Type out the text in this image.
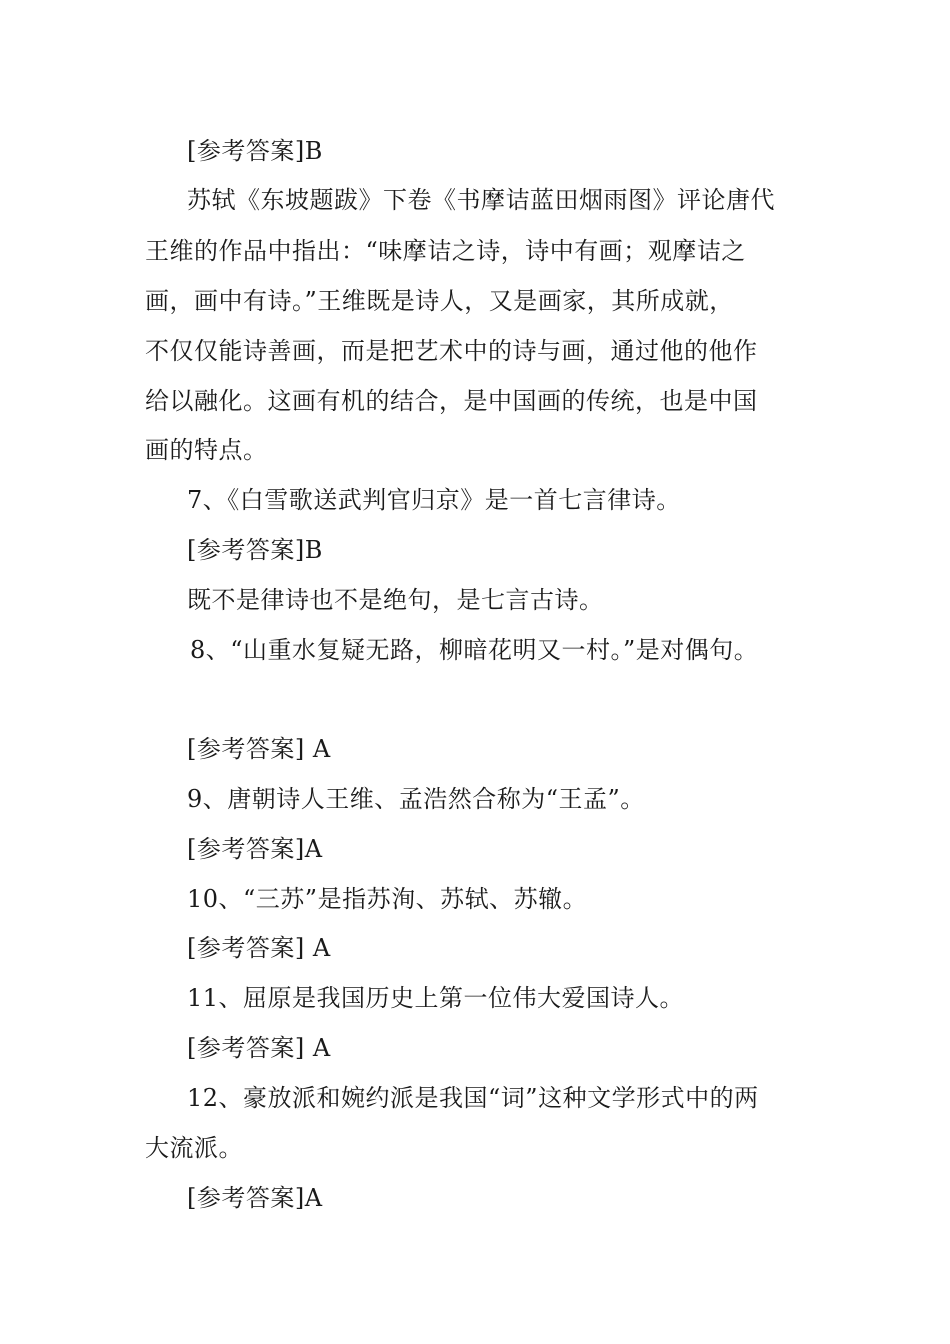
[参考答案]B
苏轼《东坡题跋》下卷《书摩诘蓝田烟雨图》评论唐代
王维的作品中指出：“味摩诘之诗，诗中有画；观摩诘之
画，画中有诗。”王维既是诗人，又是画家，其所成就，
不仅仅能诗善画，而是把艺术中的诗与画，通过他的他作
给以融化。这画有机的结合，是中国画的传统，也是中国
画的特点。
7、《白雪歌送武判官归京》是一首七言律诗。
[参考答案]B
既不是律诗也不是绝句，是七言古诗。
8、“山重水复疑无路，柳暗花明又一村。”是对偶句。
[参考答案] A
9、唐朝诗人王维、孟浩然合称为“王孟”。
[参考答案]A
10、“三苏”是指苏洵、苏轼、苏辙。
[参考答案] A
11、屈原是我国历史上第一位伟大爱国诗人。
[参考答案] A
12、豪放派和婉约派是我国“词”这种文学形式中的两
大流派。
[参考答案]A
